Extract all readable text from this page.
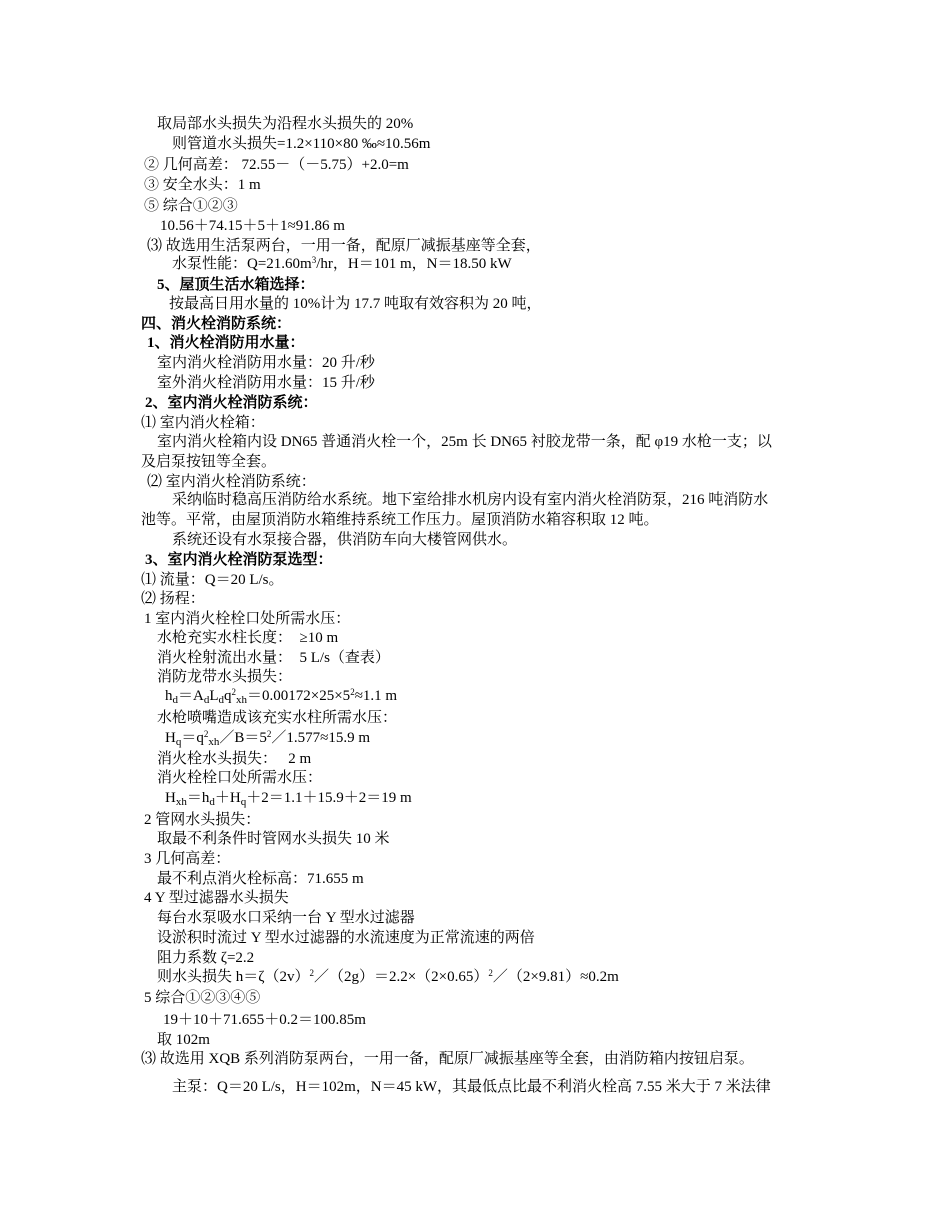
取局部水头损失为沿程水头损失的 20%
则管道水头损失=1.2×110×80 ‰≈10.56m
② 几何高差： 72.55－（－5.75）+2.0=m
③ 安全水头：1 m
⑤ 综合①②③
10.56＋74.15＋5＋1≈91.86 m
⑶ 故选用生活泵两台，一用一备，配原厂减振基座等全套，
水泵性能：$Q=21.60m^3/hr$，H＝101 m，N＝18.50 kW
5、屋顶生活水箱选择：
按最高日用水量的 10%计为 17.7 吨取有效容积为 20 吨，
四、消火栓消防系统：
1、消火栓消防用水量：
室内消火栓消防用水量：20 升/秒
室外消火栓消防用水量：15 升/秒
2、室内消火栓消防系统：
⑴ 室内消火栓箱：
室内消火栓箱内设 DN65 普通消火栓一个，25m 长 DN65 衬胶龙带一条，配 φ19 水枪一支；以
及启泵按钮等全套。
⑵ 室内消火栓消防系统：
采纳临时稳高压消防给水系统。地下室给排水机房内设有室内消火栓消防泵，216 吨消防水
池等。平常，由屋顶消防水箱维持系统工作压力。屋顶消防水箱容积取 12 吨。
系统还设有水泵接合器，供消防车向大楼管网供水。
3、室内消火栓消防泵选型：
⑴ 流量：Q＝20 L/s。
⑵ 扬程：
1 室内消火栓栓口处所需水压：
水枪充实水柱长度：　≥10 m
消火栓射流出水量：　5 L/s（查表）
消防龙带水头损失：
$h_d=A_dL_dq^2_{xh}=0.00172\times 25\times 5^2\approx 1.1$ m
水枪喷嘴造成该充实水柱所需水压：
$H_q=q^2_{xh}/B=5^2/1.577\approx 15.9$ m
消火栓水头损失：　 2 m
消火栓栓口处所需水压：
$H_{xh}=h_d+H_q+2=1.1+15.9+2=19$ m
2 管网水头损失：
取最不利条件时管网水头损失 10 米
3 几何高差：
最不利点消火栓标高：71.655 m
4 Y 型过滤器水头损失
每台水泵吸水口采纳一台 Y 型水过滤器
设淤积时流过 Y 型水过滤器的水流速度为正常流速的两倍
阻力系数 ζ=2.2
则水头损失 $h=\zeta(2v)^2/(2g)=2.2\times(2\times 0.65)^2/(2\times 9.81)\approx 0.2m$
5 综合①②③④⑤
19＋10＋71.655＋0.2＝100.85m
取 102m
⑶ 故选用 XQB 系列消防泵两台，一用一备，配原厂减振基座等全套，由消防箱内按钮启泵。
主泵：Q＝20 L/s，H＝102m，N＝45 kW，其最低点比最不利消火栓高 7.55 米大于 7 米法律
